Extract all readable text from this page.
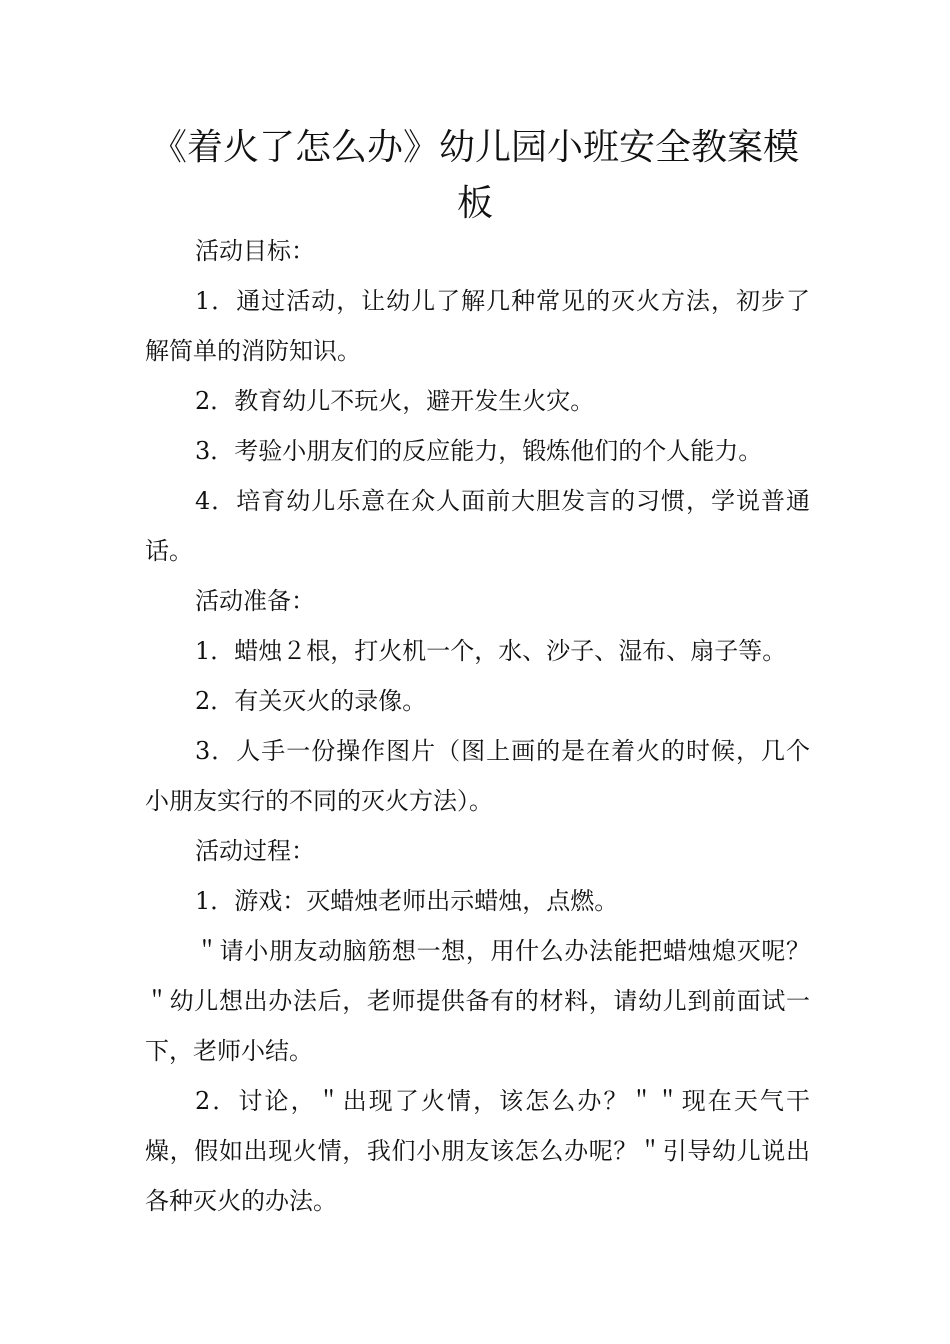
《着火了怎么办》幼儿园小班安全教案模板

活动目标：

1．通过活动，让幼儿了解几种常见的灭火方法，初步了解简单的消防知识。

2．教育幼儿不玩火，避开发生火灾。

3．考验小朋友们的反应能力，锻炼他们的个人能力。

4．培育幼儿乐意在众人面前大胆发言的习惯，学说普通话。

活动准备：

1．蜡烛２根，打火机一个，水、沙子、湿布、扇子等。

2．有关灭火的录像。

3．人手一份操作图片（图上画的是在着火的时候，几个小朋友实行的不同的灭火方法）。

活动过程：

1．游戏：灭蜡烛老师出示蜡烛，点燃。

＂请小朋友动脑筋想一想，用什么办法能把蜡烛熄灭呢？＂幼儿想出办法后，老师提供备有的材料，请幼儿到前面试一下，老师小结。

2．讨论，＂出现了火情，该怎么办？＂＂现在天气干燥，假如出现火情，我们小朋友该怎么办呢？＂引导幼儿说出各种灭火的办法。
